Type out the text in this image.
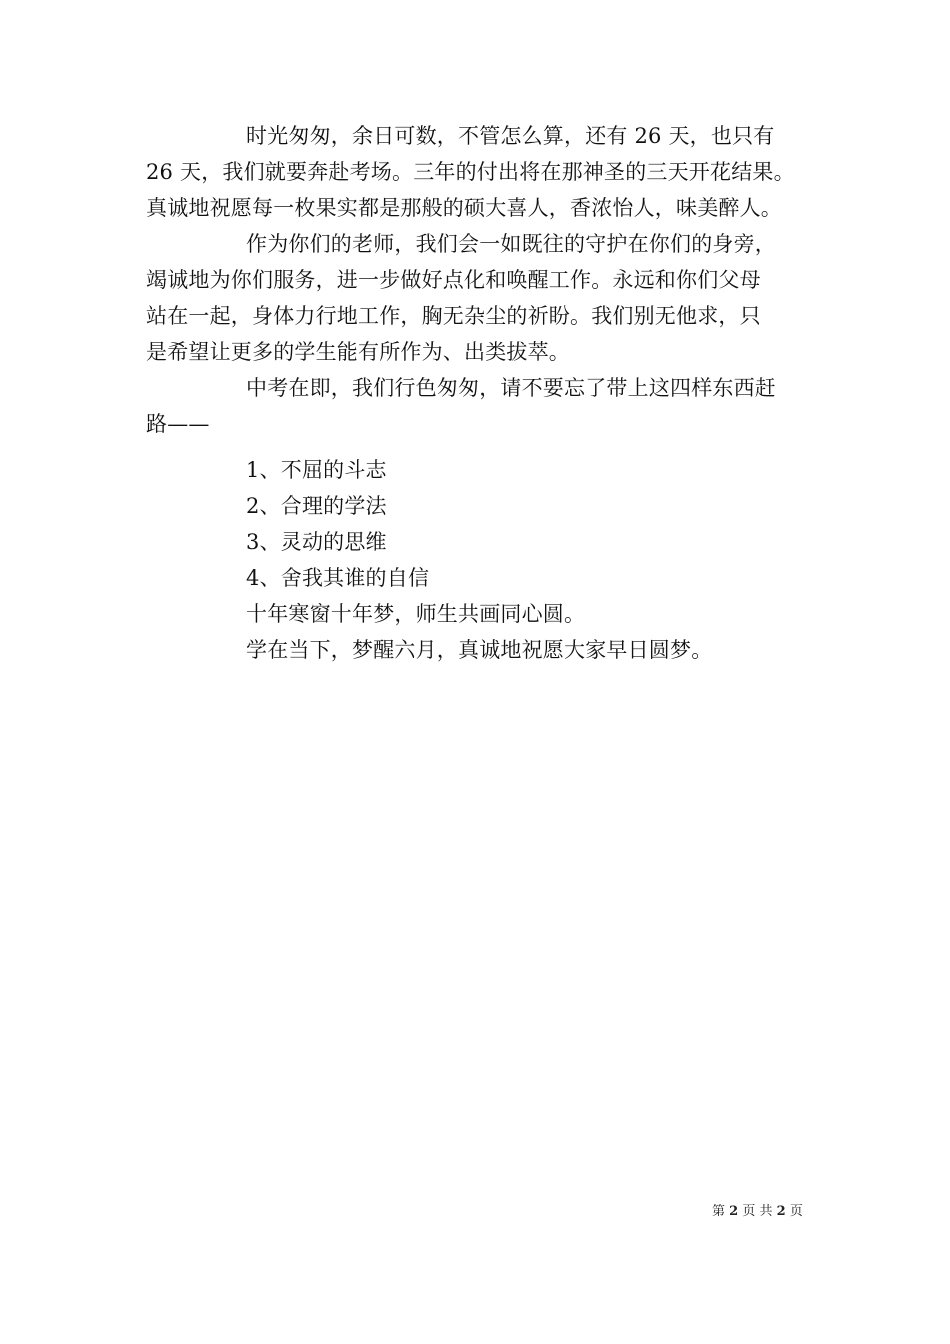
时光匆匆，余日可数，不管怎么算，还有 26 天，也只有
26 天，我们就要奔赴考场。三年的付出将在那神圣的三天开花结果。
真诚地祝愿每一枚果实都是那般的硕大喜人，香浓怡人，味美醉人。
作为你们的老师，我们会一如既往的守护在你们的身旁，
竭诚地为你们服务，进一步做好点化和唤醒工作。永远和你们父母
站在一起，身体力行地工作，胸无杂尘的祈盼。我们别无他求，只
是希望让更多的学生能有所作为、出类拔萃。
中考在即，我们行色匆匆，请不要忘了带上这四样东西赶
路——
1、不屈的斗志
2、合理的学法
3、灵动的思维
4、舍我其谁的自信
十年寒窗十年梦，师生共画同心圆。
学在当下，梦醒六月，真诚地祝愿大家早日圆梦。
第 2 页 共 2 页
